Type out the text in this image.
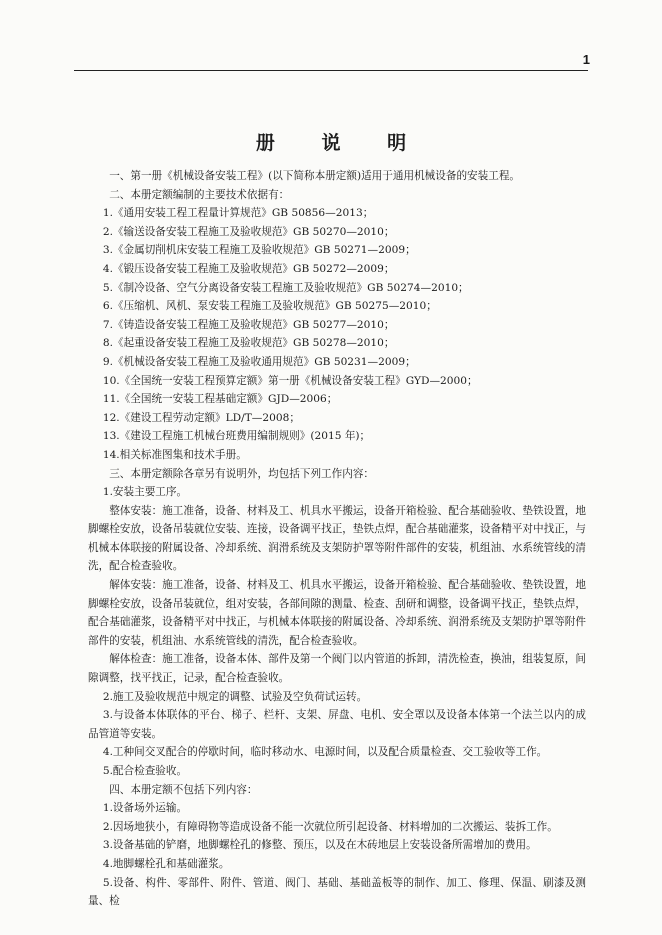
1
册 说 明

一、第一册《机械设备安装工程》(以下简称本册定额)适用于通用机械设备的安装工程。

二、本册定额编制的主要技术依据有：

1.《通用安装工程工程量计算规范》GB 50856—2013；

2.《输送设备安装工程施工及验收规范》GB 50270—2010；

3.《金属切削机床安装工程施工及验收规范》GB 50271—2009；

4.《锻压设备安装工程施工及验收规范》GB 50272—2009；

5.《制冷设备、空气分离设备安装工程施工及验收规范》GB 50274—2010；

6.《压缩机、风机、泵安装工程施工及验收规范》GB 50275—2010；

7.《铸造设备安装工程施工及验收规范》GB 50277—2010；

8.《起重设备安装工程施工及验收规范》GB 50278—2010；

9.《机械设备安装工程施工及验收通用规范》GB 50231—2009；

10.《全国统一安装工程预算定额》第一册《机械设备安装工程》GYD—2000；

11.《全国统一安装工程基础定额》GJD—2006；

12.《建设工程劳动定额》LD/T—2008；

13.《建设工程施工机械台班费用编制规则》(2015 年)；

14.相关标准图集和技术手册。

三、本册定额除各章另有说明外，均包括下列工作内容：

1.安装主要工序。

整体安装：施工准备，设备、材料及工、机具水平搬运，设备开箱检验、配合基础验收、垫铁设置，地脚螺栓安放，设备吊装就位安装、连接，设备调平找正，垫铁点焊，配合基础灌浆，设备精平对中找正，与机械本体联接的附属设备、冷却系统、润滑系统及支架防护罩等附件部件的安装，机组油、水系统管线的清洗，配合检查验收。

解体安装：施工准备，设备、材料及工、机具水平搬运，设备开箱检验、配合基础验收、垫铁设置，地脚螺栓安放，设备吊装就位，组对安装，各部间隙的测量、检查、刮研和调整，设备调平找正，垫铁点焊，配合基础灌浆，设备精平对中找正，与机械本体联接的附属设备、冷却系统、润滑系统及支架防护罩等附件部件的安装，机组油、水系统管线的清洗，配合检查验收。

解体检查：施工准备，设备本体、部件及第一个阀门以内管道的拆卸，清洗检查，换油，组装复原，间隙调整，找平找正，记录，配合检查验收。

2.施工及验收规范中规定的调整、试验及空负荷试运转。

3.与设备本体联体的平台、梯子、栏杆、支架、屏盘、电机、安全罩以及设备本体第一个法兰以内的成品管道等安装。

4.工种间交叉配合的停歇时间，临时移动水、电源时间，以及配合质量检查、交工验收等工作。

5.配合检查验收。

四、本册定额不包括下列内容：

1.设备场外运输。

2.因场地狭小，有障碍物等造成设备不能一次就位所引起设备、材料增加的二次搬运、装拆工作。

3.设备基础的铲磨，地脚螺栓孔的修整、预压，以及在木砖地层上安装设备所需增加的费用。

4.地脚螺栓孔和基础灌浆。

5.设备、构件、零部件、附件、管道、阀门、基础、基础盖板等的制作、加工、修理、保温、刷漆及测量、检
